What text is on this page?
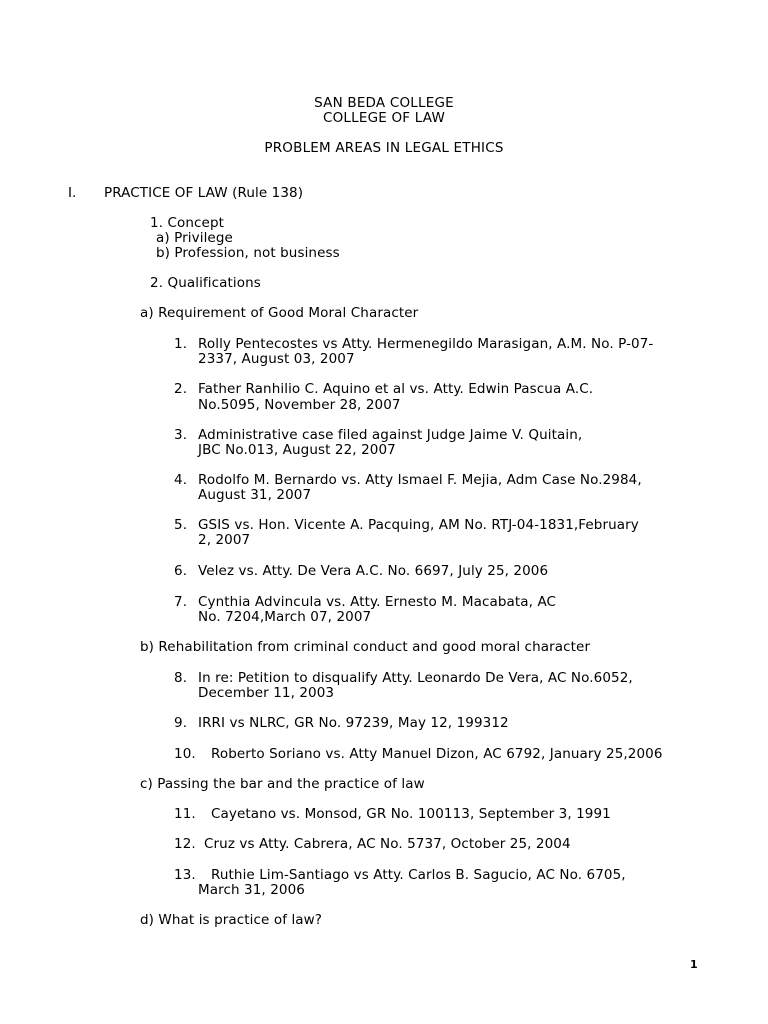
SAN BEDA COLLEGE
COLLEGE OF LAW
PROBLEM AREAS IN LEGAL ETHICS
I. PRACTICE OF LAW (Rule 138)
1. Concept
a) Privilege
b) Profession, not business
2. Qualifications
a) Requirement of Good Moral Character
1. Rolly Pentecostes vs Atty. Hermenegildo Marasigan, A.M. No. P-07-
2337, August 03, 2007
2. Father Ranhilio C. Aquino et al vs. Atty. Edwin Pascua A.C.
No.5095, November 28, 2007
3. Administrative case filed against Judge Jaime V. Quitain,
JBC No.013, August 22, 2007
4. Rodolfo M. Bernardo vs. Atty Ismael F. Mejia, Adm Case No.2984,
August 31, 2007
5. GSIS vs. Hon. Vicente A. Pacquing, AM No. RTJ-04-1831,February
2, 2007
6. Velez vs. Atty. De Vera A.C. No. 6697, July 25, 2006
7. Cynthia Advincula vs. Atty. Ernesto M. Macabata, AC
No. 7204,March 07, 2007
b) Rehabilitation from criminal conduct and good moral character
8. In re: Petition to disqualify Atty. Leonardo De Vera, AC No.6052,
December 11, 2003
9. IRRI vs NLRC, GR No. 97239, May 12, 199312
10. Roberto Soriano vs. Atty Manuel Dizon, AC 6792, January 25,2006
c) Passing the bar and the practice of law
11. Cayetano vs. Monsod, GR No. 100113, September 3, 1991
12. Cruz vs Atty. Cabrera, AC No. 5737, October 25, 2004
13. Ruthie Lim-Santiago vs Atty. Carlos B. Sagucio, AC No. 6705,
March 31, 2006
d) What is practice of law?
1
